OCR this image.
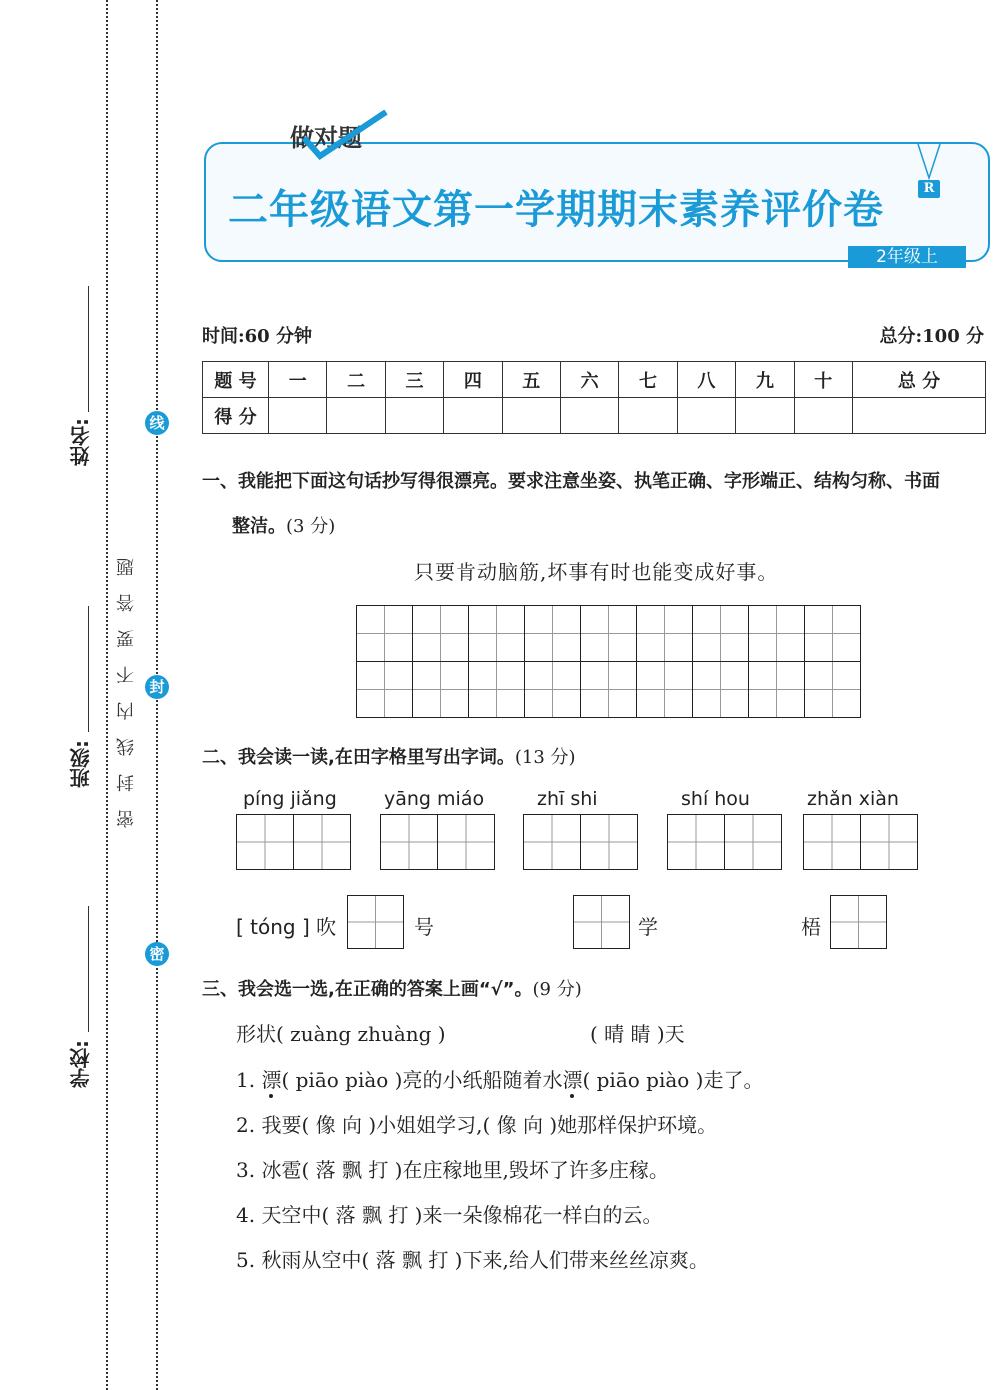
姓名:
班级:
学校:
线
封
密
密封线内不要答题
做对题
二年级语文第一学期期末素养评价卷	R
2年级上
时间:60 分钟	总分:100 分
题 号	一	二	三	四	五	六	七	八	九	十	总 分
得 分											
一、我能把下面这句话抄写得很漂亮。要求注意坐姿、执笔正确、字形端正、结构匀称、书面
整洁。(3 分)
只要肯动脑筋,坏事有时也能变成好事。
二、我会读一读,在田字格里写出字词。(13 分)
píng jiǎng yāng miáo	zhī shi	shí hou	zhǎn xiàn
[ tóng ] 吹	号	学	梧
三、我会选一选,在正确的答案上画“√”。(9 分)
形状( zuàng zhuàng )	( 晴 睛 )天
1. 漂( piāo piào )亮的小纸船随着水漂( piāo piào )走了。
2. 我要( 像 向 )小姐姐学习,( 像 向 )她那样保护环境。
3. 冰雹( 落 飘 打 )在庄稼地里,毁坏了许多庄稼。
4. 天空中( 落 飘 打 )来一朵像棉花一样白的云。
5. 秋雨从空中( 落 飘 打 )下来,给人们带来丝丝凉爽。
